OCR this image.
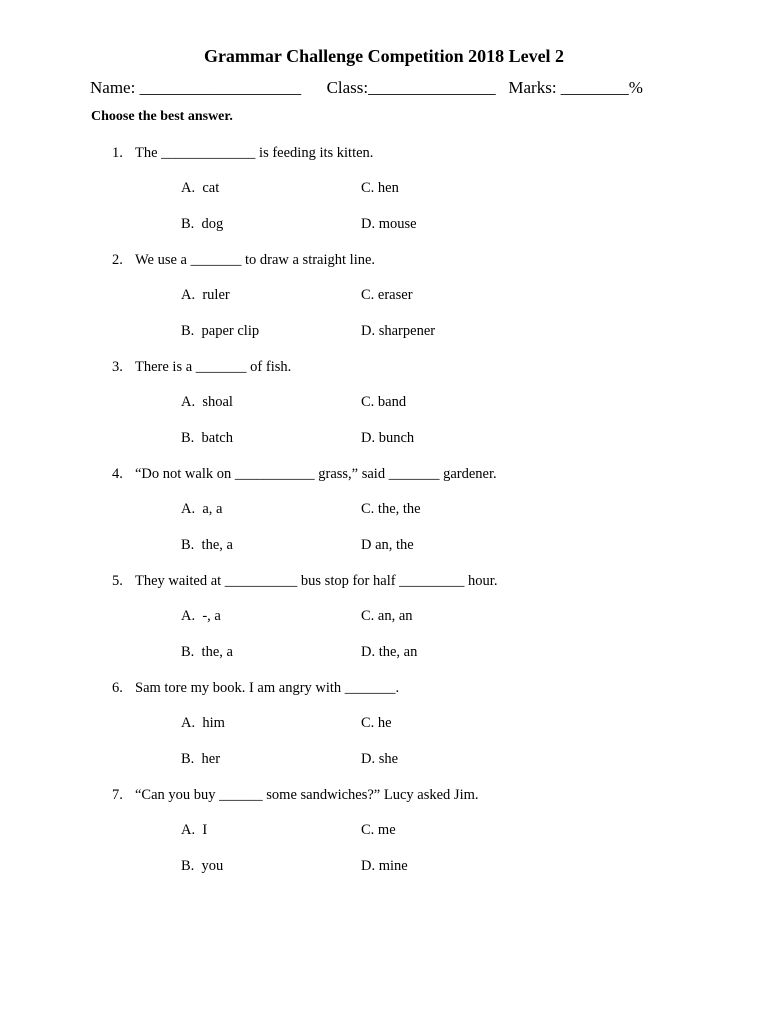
Grammar Challenge Competition 2018 Level 2
Name: ___________________ Class:_______________ Marks: ________%
Choose the best answer.
1. The _____________ is feeding its kitten.
A.  cat	C. hen
B.  dog	D. mouse
2. We use a _______ to draw a straight line.
A.  ruler	C. eraser
B.  paper clip	D. sharpener
3. There is a _______ of fish.
A.  shoal	C. band
B.  batch	D. bunch
4. “Do not walk on ___________ grass,” said _______ gardener.
A.  a, a	C. the, the
B.  the, a	D an, the
5. They waited at __________ bus stop for half _________ hour.
A.  -, a	C. an, an
B.  the, a	D. the, an
6. Sam tore my book. I am angry with _______.
A.  him	C. he
B.  her	D. she
7. “Can you buy ______ some sandwiches?” Lucy asked Jim.
A.  I	C. me
B.  you	D. mine
